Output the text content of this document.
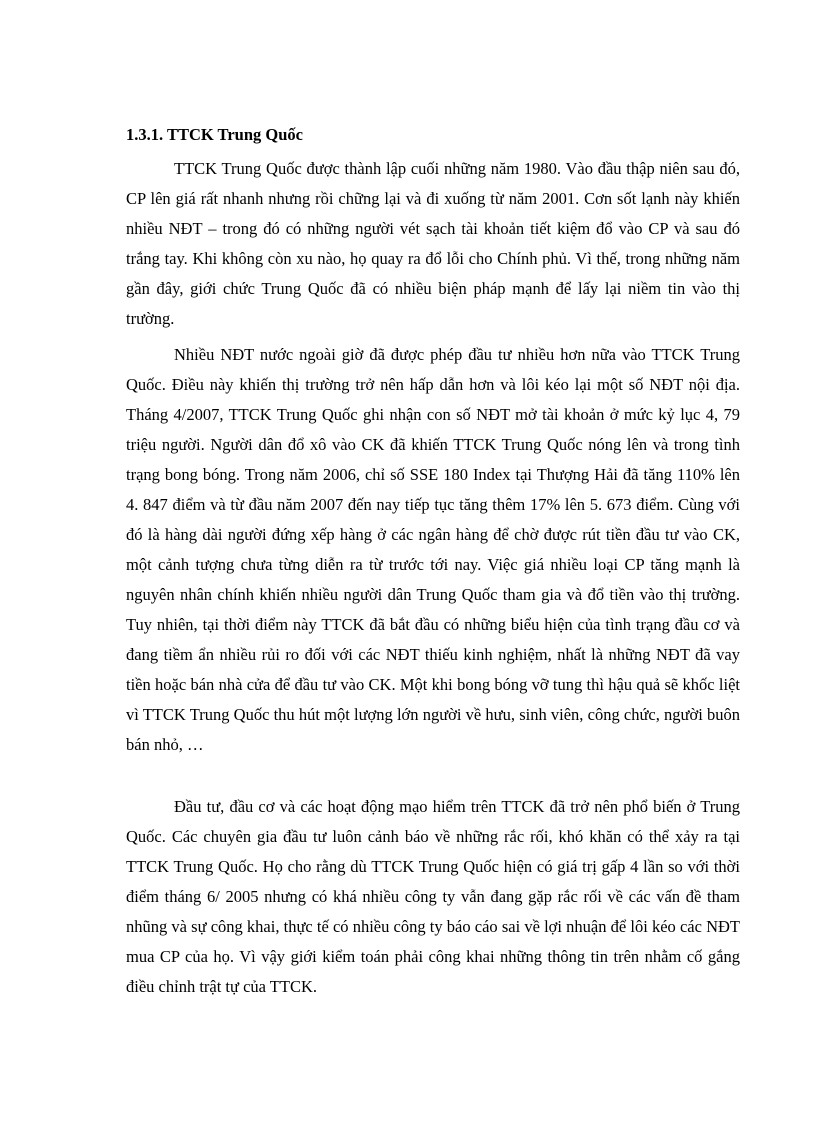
1.3.1. TTCK Trung Quốc

TTCK Trung Quốc được thành lập cuối những năm 1980. Vào đầu thập niên sau đó, CP lên giá rất nhanh nhưng rồi chững lại và đi xuống từ năm 2001. Cơn sốt lạnh này khiến nhiều NĐT – trong đó có những người vét sạch tài khoản tiết kiệm đổ vào CP và sau đó trắng tay. Khi không còn xu nào, họ quay ra đổ lỗi cho Chính phủ. Vì thế, trong những năm gần đây, giới chức Trung Quốc đã có nhiều biện pháp mạnh để lấy lại niềm tin vào thị trường.

Nhiều NĐT nước ngoài giờ đã được phép đầu tư nhiều hơn nữa vào TTCK Trung Quốc. Điều này khiến thị trường trở nên hấp dẫn hơn và lôi kéo lại một số NĐT nội địa. Tháng 4/2007, TTCK Trung Quốc ghi nhận con số NĐT mở tài khoản ở mức kỷ lục 4, 79 triệu người. Người dân đổ xô vào CK đã khiến TTCK Trung Quốc nóng lên và trong tình trạng bong bóng. Trong năm 2006, chỉ số SSE 180 Index tại Thượng Hải đã tăng 110% lên 4. 847 điểm và từ đầu năm 2007 đến nay tiếp tục tăng thêm 17% lên 5. 673 điểm. Cùng với đó là hàng dài người đứng xếp hàng ở các ngân hàng để chờ được rút tiền đầu tư vào CK, một cảnh tượng chưa từng diễn ra từ trước tới nay. Việc giá nhiều loại CP tăng mạnh là nguyên nhân chính khiến nhiều người dân Trung Quốc tham gia và đổ tiền vào thị trường. Tuy nhiên, tại thời điểm này TTCK đã bắt đầu có những biểu hiện của tình trạng đầu cơ và đang tiềm ẩn nhiều rủi ro đối với các NĐT thiếu kinh nghiệm, nhất là những NĐT đã vay tiền hoặc bán nhà cửa để đầu tư vào CK. Một khi bong bóng vỡ tung thì hậu quả sẽ khốc liệt vì TTCK Trung Quốc thu hút một lượng lớn người về hưu, sinh viên, công chức, người buôn bán nhỏ, …

Đầu tư, đầu cơ và các hoạt động mạo hiểm trên TTCK đã trở nên phổ biến ở Trung Quốc. Các chuyên gia đầu tư luôn cảnh báo về những rắc rối, khó khăn có thể xảy ra tại TTCK Trung Quốc. Họ cho rằng dù TTCK Trung Quốc hiện có giá trị gấp 4 lần so với thời điểm tháng 6/ 2005 nhưng có khá nhiều công ty vẫn đang gặp rắc rối về các vấn đề tham nhũng và sự công khai, thực tế có nhiều công ty báo cáo sai về lợi nhuận để lôi kéo các NĐT mua CP của họ. Vì vậy giới kiểm toán phải công khai những thông tin trên nhằm cố gắng điều chỉnh trật tự của TTCK.
